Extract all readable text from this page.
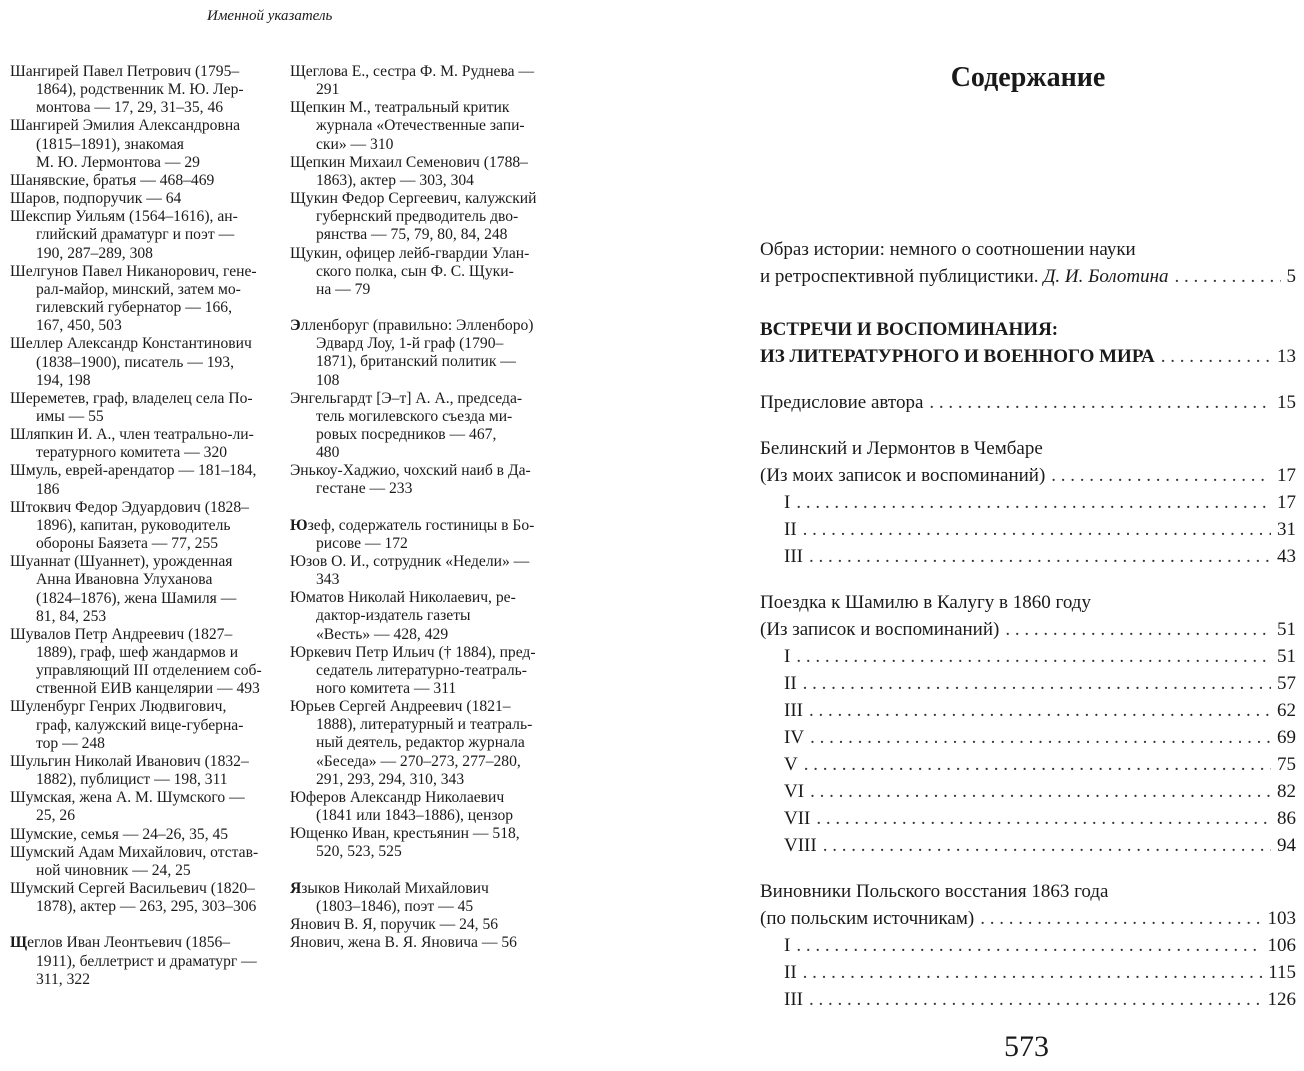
Именной указатель
Шангирей Павел Петрович (1795–
1864), родственник М. Ю. Лер-
монтова — 17, 29, 31–35, 46
Шангирей Эмилия Александровна
(1815–1891), знакомая
М. Ю. Лермонтова — 29
Шанявские, братья — 468–469
Шаров, подпоручик — 64
Шекспир Уильям (1564–1616), ан-
глийский драматург и поэт —
190, 287–289, 308
Шелгунов Павел Никанорович, гене-
рал-майор, минский, затем мо-
гилевский губернатор — 166,
167, 450, 503
Шеллер Александр Константинович
(1838–1900), писатель — 193,
194, 198
Шереметев, граф, владелец села По-
имы — 55
Шляпкин И. А., член театрально-ли-
тературного комитета — 320
Шмуль, еврей-арендатор — 181–184,
186
Штоквич Федор Эдуардович (1828–
1896), капитан, руководитель
обороны Баязета — 77, 255
Шуаннат (Шуаннет), урожденная
Анна Ивановна Улуханова
(1824–1876), жена Шамиля —
81, 84, 253
Шувалов Петр Андреевич (1827–
1889), граф, шеф жандармов и
управляющий III отделением соб-
ственной ЕИВ канцелярии — 493
Шуленбург Генрих Людвигович,
граф, калужский вице-губерна-
тор — 248
Шульгин Николай Иванович (1832–
1882), публицист — 198, 311
Шумская, жена А. М. Шумского —
25, 26
Шумские, семья — 24–26, 35, 45
Шумский Адам Михайлович, отстав-
ной чиновник — 24, 25
Шумский Сергей Васильевич (1820–
1878), актер — 263, 295, 303–306
Щеглов Иван Леонтьевич (1856–
1911), беллетрист и драматург —
311, 322
Щеглова Е., сестра Ф. М. Руднева —
291
Щепкин М., театральный критик
журнала «Отечественные запи-
ски» — 310
Щепкин Михаил Семенович (1788–
1863), актер — 303, 304
Щукин Федор Сергеевич, калужский
губернский предводитель дво-
рянства — 75, 79, 80, 84, 248
Щукин, офицер лейб-гвардии Улан-
ского полка, сын Ф. С. Щуки-
на — 79
Элленборуг (правильно: Элленборо)
Эдвард Лоу, 1-й граф (1790–
1871), британский политик —
108
Энгельгардт [Э–т] А. А., председа-
тель могилевского съезда ми-
ровых посредников — 467,
480
Энькоу-Хаджио, чохский наиб в Да-
гестане — 233
Юзеф, содержатель гостиницы в Бо-
рисове — 172
Юзов О. И., сотрудник «Недели» —
343
Юматов Николай Николаевич, ре-
дактор-издатель газеты
«Весть» — 428, 429
Юркевич Петр Ильич († 1884), пред-
седатель литературно-театраль-
ного комитета — 311
Юрьев Сергей Андреевич (1821–
1888), литературный и театраль-
ный деятель, редактор журнала
«Беседа» — 270–273, 277–280,
291, 293, 294, 310, 343
Юферов Александр Николаевич
(1841 или 1843–1886), цензор
Ющенко Иван, крестьянин — 518,
520, 523, 525
Языков Николай Михайлович
(1803–1846), поэт — 45
Янович В. Я, поручик — 24, 56
Янович, жена В. Я. Яновича — 56
Содержание
Образ истории: немного о соотношении науки
и ретроспективной публицистики. Д. И. Болотина . . .	5
ВСТРЕЧИ И ВОСПОМИНАНИЯ:
ИЗ ЛИТЕРАТУРНОГО И ВОЕННОГО МИРА . . .	13
Предисловие автора . . .	15
Белинский и Лермонтов в Чембаре
(Из моих записок и воспоминаний) . . .	17
I . . .	17
II . . .	31
III . . .	43
Поездка к Шамилю в Калугу в 1860 году
(Из записок и воспоминаний) . . .	51
I . . .	51
II . . .	57
III . . .	62
IV . . .	69
V . . .	75
VI . . .	82
VII . . .	86
VIII . . .	94
Виновники Польского восстания 1863 года
(по польским источникам) . . .	103
I . . .	106
II . . .	115
III . . .	126
573
